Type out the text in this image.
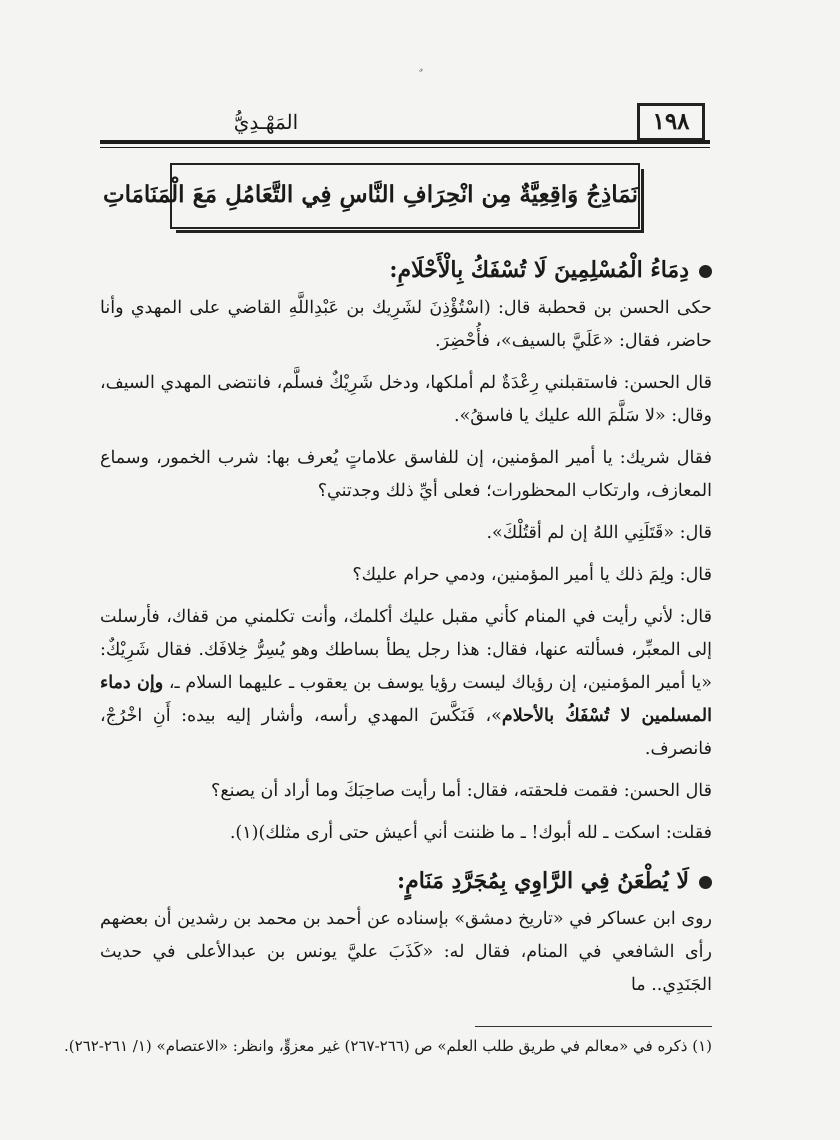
١٩٨
المَهْـدِيُّ
نَمَاذِجُ وَاقِعِيَّةٌ مِن انْحِرَافِ النَّاسِ فِي التَّعَامُلِ مَعَ الْمَنَامَاتِ
دِمَاءُ الْمُسْلِمِينَ لَا تُسْفَكُ بِالْأَحْلَامِ:

حكى الحسن بن قحطبة قال: (اسْتُؤْذِنَ لشَرِيك بن عَبْدِاللَّهِ القاضي على المهدي وأنا حاضر، فقال: «عَلَيَّ بالسيف»، فأُحْضِرَ.

قال الحسن: فاستقبلني رِعْدَةٌ لم أملكها، ودخل شَرِيْكٌ فسلَّم، فانتضى المهدي السيف، وقال: «لا سَلَّمَ الله عليك يا فاسقُ».

فقال شريك: يا أمير المؤمنين، إن للفاسق علاماتٍ يُعرف بها: شرب الخمور، وسماع المعازف، وارتكاب المحظورات؛ فعلى أيِّ ذلك وجدتني؟

قال: «قَتَلَنِي اللهُ إن لم أقتُلْكَ».

قال: ولِمَ ذلك يا أمير المؤمنين، ودمي حرام عليك؟

قال: لأني رأيت في المنام كأني مقبل عليك أكلمك، وأنت تكلمني من قفاك، فأرسلت إلى المعبِّر، فسألته عنها، فقال: هذا رجل يطأ بساطك وهو يُسِرُّ خِلافَك. فقال شَرِيْكٌ: «يا أمير المؤمنين، إن رؤياك ليست رؤيا يوسف بن يعقوب ـ عليهما السلام ـ، وإن دماء المسلمين لا تُسْفَكُ بالأحلام»، فَنَكَّسَ المهدي رأسه، وأشار إليه بيده: أَنِ اخْرُجْ، فانصرف.

قال الحسن: فقمت فلحقته، فقال: أما رأيت صاحِبَكَ وما أراد أن يصنع؟

فقلت: اسكت ـ لله أبوك! ـ ما ظننت أني أعيش حتى أرى مثلك)(١).

لَا يُطْعَنُ فِي الرَّاوِي بِمُجَرَّدِ مَنَامٍ:

روى ابن عساكر في «تاريخ دمشق» بإسناده عن أحمد بن محمد بن رشدين أن بعضهم رأى الشافعي في المنام، فقال له: «كَذَبَ عليَّ يونس بن عبدالأعلى في حديث الجَنَدِي.. ما

(١) ذكره في «معالم في طريق طلب العلم» ص (٢٦٦-٢٦٧) غير معزوٍّ، وانظر: «الاعتصام» (١/ ٢٦١-٢٦٢).
